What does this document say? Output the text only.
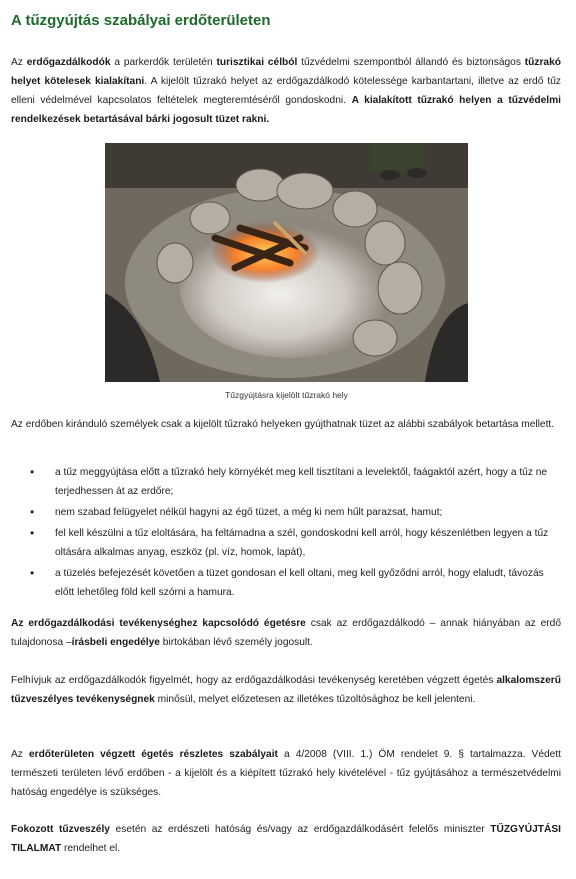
A tűzgyújtás szabályai erdőterületen

Az erdőgazdálkodók a parkerdők területén turisztikai célból tűzvédelmi szempontból állandó és biztonságos tűzrakó helyet kötelesek kialakítani. A kijelölt tűzrakó helyet az erdőgazdálkodó kötelessége karbantartani, illetve az erdő tűz elleni védelmével kapcsolatos feltételek megteremtéséről gondoskodni. A kialakított tűzrakó helyen a tűzvédelmi rendelkezések betartásával bárki jogosult tüzet rakni.

Tűzgyújtásra kijelölt tűzrakó hely

Az erdőben kiránduló személyek csak a kijelölt tűzrakó helyeken gyújthatnak tüzet az alábbi szabályok betartása mellett.

• a tűz meggyújtása előtt a tűzrakó hely környékét meg kell tisztítani a levelektől, faágaktól azért, hogy a tűz ne terjedhessen át az erdőre;
• nem szabad felügyelet nélkül hagyni az égő tüzet, a még ki nem hűlt parazsat, hamut;
• fel kell készülni a tűz eloltására, ha feltámadna a szél, gondoskodni kell arról, hogy készenlétben legyen a tűz oltására alkalmas anyag, eszköz (pl. víz, homok, lapát),
• a tüzelés befejezését követően a tüzet gondosan el kell oltani, meg kell győződni arról, hogy elaludt, távozás előtt lehetőleg föld kell szórni a hamura.

Az erdőgazdálkodási tevékenységhez kapcsolódó égetésre csak az erdőgazdálkodó – annak hiányában az erdő tulajdonosa –írásbeli engedélye birtokában lévő személy jogosult.

Felhívjuk az erdőgazdálkodók figyelmét, hogy az erdőgazdálkodási tevékenység keretében végzett égetés alkalomszerű tűzveszélyes tevékenységnek minősül, melyet előzetesen az illetékes tűzoltósághoz be kell jelenteni.

Az erdőterületen végzett égetés részletes szabályait a 4/2008 (VIII. 1.) ÖM rendelet 9. § tartalmazza. Védett természeti területen lévő erdőben - a kijelölt és a kiépített tűzrakó hely kivételével - tűz gyújtásához a természetvédelmi hatóság engedélye is szükséges.

Fokozott tűzveszély esetén az erdészeti hatóság és/vagy az erdőgazdálkodásért felelős miniszter TŰZGYÚJTÁSI TILALMAT rendelhet el.
